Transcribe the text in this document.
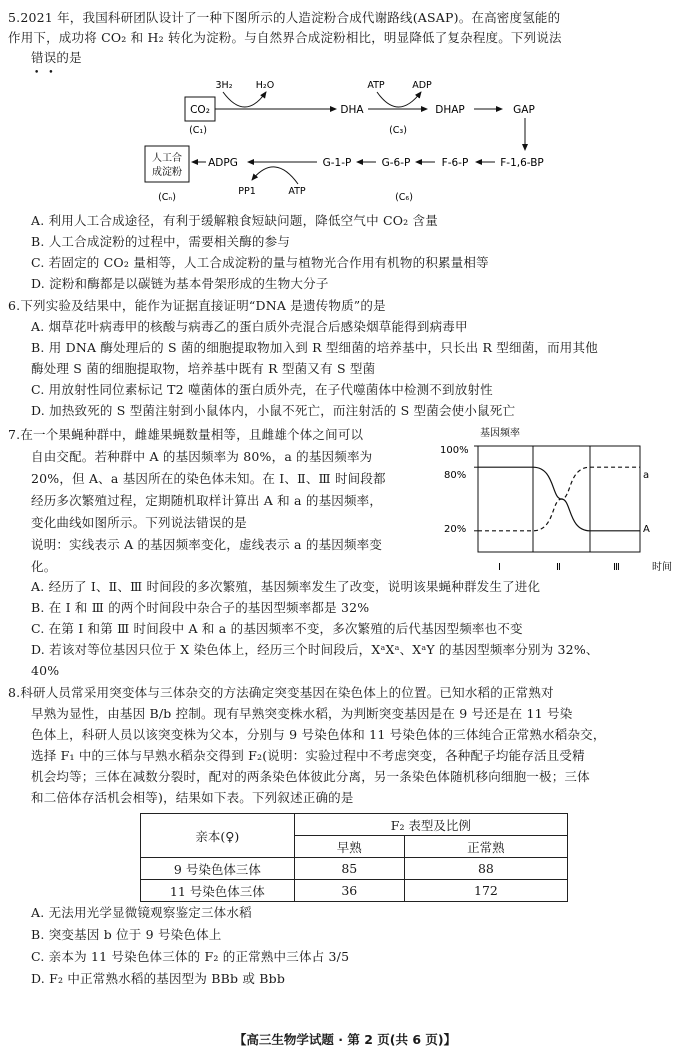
5.2021 年，我国科研团队设计了一种下图所示的人造淀粉合成代谢路线(ASAP)。在高密度氢能的
作用下，成功将 CO₂ 和 H₂ 转化为淀粉。与自然界合成淀粉相比，明显降低了复杂程度。下列说法
错误的是
••
CO₂
(C₁)
3H₂ H₂O
DHA
ATP	ADP
DHAP
(C₃)
GAP
F-1,6-BP
F-6-P
G-6-P
G-1-P
(C₆)
PP1	ATP
ADPG
人工合
成淀粉
(Cₙ)
A. 利用人工合成途径，有利于缓解粮食短缺问题，降低空气中 CO₂ 含量
B. 人工合成淀粉的过程中，需要相关酶的参与
C. 若固定的 CO₂ 量相等，人工合成淀粉的量与植物光合作用有机物的积累量相等
D. 淀粉和酶都是以碳链为基本骨架形成的生物大分子
6.下列实验及结果中，能作为证据直接证明“DNA 是遗传物质”的是
A. 烟草花叶病毒甲的核酸与病毒乙的蛋白质外壳混合后感染烟草能得到病毒甲
B. 用 DNA 酶处理后的 S 菌的细胞提取物加入到 R 型细菌的培养基中，只长出 R 型细菌，而用其他
酶处理 S 菌的细胞提取物，培养基中既有 R 型菌又有 S 型菌
C. 用放射性同位素标记 T2 噬菌体的蛋白质外壳，在子代噬菌体中检测不到放射性
D. 加热致死的 S 型菌注射到小鼠体内，小鼠不死亡，而注射活的 S 型菌会使小鼠死亡
7.在一个果蝇种群中，雌雄果蝇数量相等，且雌雄个体之间可以
自由交配。若种群中 A 的基因频率为 80%，a 的基因频率为
20%，但 A、a 基因所在的染色体未知。在 Ⅰ、Ⅱ、Ⅲ 时间段都
经历多次繁殖过程，定期随机取样计算出 A 和 a 的基因频率，
变化曲线如图所示。下列说法错误的是
说明：实线表示 A 的基因频率变化，虚线表示 a 的基因频率变
化。
基因频率
时间
100%
80%
20%
Ⅰ	Ⅱ	Ⅲ
a
A
A. 经历了 Ⅰ、Ⅱ、Ⅲ 时间段的多次繁殖，基因频率发生了改变，说明该果蝇种群发生了进化
B. 在 Ⅰ 和 Ⅲ 的两个时间段中杂合子的基因型频率都是 32%
C. 在第 Ⅰ 和第 Ⅲ 时间段中 A 和 a 的基因频率不变，多次繁殖的后代基因型频率也不变
D. 若该对等位基因只位于 X 染色体上，经历三个时间段后，XᵃXᵃ、XᵃY 的基因型频率分别为 32%、
40%
8.科研人员常采用突变体与三体杂交的方法确定突变基因在染色体上的位置。已知水稻的正常熟对
早熟为显性，由基因 B/b 控制。现有早熟突变株水稻，为判断突变基因是在 9 号还是在 11 号染
色体上，科研人员以该突变株为父本，分别与 9 号染色体和 11 号染色体的三体纯合正常熟水稻杂交，
选择 F₁ 中的三体与早熟水稻杂交得到 F₂(说明：实验过程中不考虑突变，各种配子均能存活且受精
机会均等；三体在减数分裂时，配对的两条染色体彼此分离，另一条染色体随机移向细胞一极；三体
和二倍体存活机会相等)，结果如下表。下列叙述正确的是
亲本(♀)	F₂ 表型及比例	
	早熟	正常熟
9 号染色体三体	85	88
11 号染色体三体	36	172
A. 无法用光学显微镜观察鉴定三体水稻
B. 突变基因 b 位于 9 号染色体上
C. 亲本为 11 号染色体三体的 F₂ 的正常熟中三体占 3/5
D. F₂ 中正常熟水稻的基因型为 BBb 或 Bbb
【高三生物学试题 · 第 2 页(共 6 页)】
